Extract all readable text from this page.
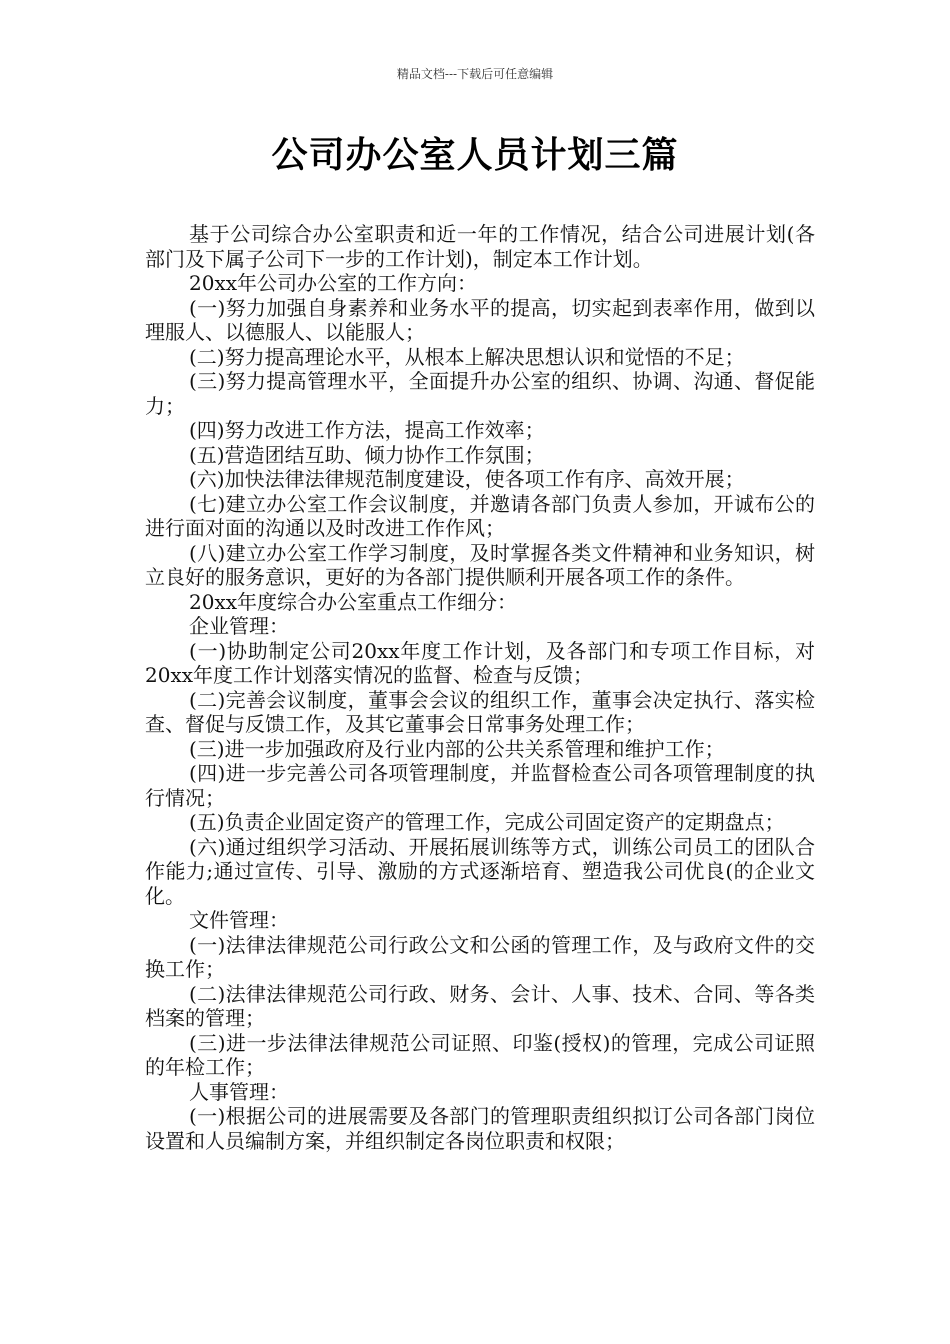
精品文档---下载后可任意编辑
公司办公室人员计划三篇

基于公司综合办公室职责和近一年的工作情况，结合公司进展计划(各部门及下属子公司下一步的工作计划)，制定本工作计划。

20xx年公司办公室的工作方向：

(一)努力加强自身素养和业务水平的提高，切实起到表率作用，做到以理服人、以德服人、以能服人；

(二)努力提高理论水平，从根本上解决思想认识和觉悟的不足；

(三)努力提高管理水平，全面提升办公室的组织、协调、沟通、督促能力；

(四)努力改进工作方法，提高工作效率；

(五)营造团结互助、倾力协作工作氛围；

(六)加快法律法律规范制度建设，使各项工作有序、高效开展；

(七)建立办公室工作会议制度，并邀请各部门负责人参加，开诚布公的进行面对面的沟通以及时改进工作作风；

(八)建立办公室工作学习制度，及时掌握各类文件精神和业务知识，树立良好的服务意识，更好的为各部门提供顺利开展各项工作的条件。

20xx年度综合办公室重点工作细分：

企业管理：

(一)协助制定公司20xx年度工作计划，及各部门和专项工作目标，对20xx年度工作计划落实情况的监督、检查与反馈；

(二)完善会议制度，董事会会议的组织工作，董事会决定执行、落实检查、督促与反馈工作，及其它董事会日常事务处理工作；

(三)进一步加强政府及行业内部的公共关系管理和维护工作；

(四)进一步完善公司各项管理制度，并监督检查公司各项管理制度的执行情况；

(五)负责企业固定资产的管理工作，完成公司固定资产的定期盘点；

(六)通过组织学习活动、开展拓展训练等方式，训练公司员工的团队合作能力;通过宣传、引导、激励的方式逐渐培育、塑造我公司优良(的企业文化。

文件管理：

(一)法律法律规范公司行政公文和公函的管理工作，及与政府文件的交换工作；

(二)法律法律规范公司行政、财务、会计、人事、技术、合同、等各类档案的管理；

(三)进一步法律法律规范公司证照、印鉴(授权)的管理，完成公司证照的年检工作；

人事管理：

(一)根据公司的进展需要及各部门的管理职责组织拟订公司各部门岗位设置和人员编制方案，并组织制定各岗位职责和权限；
